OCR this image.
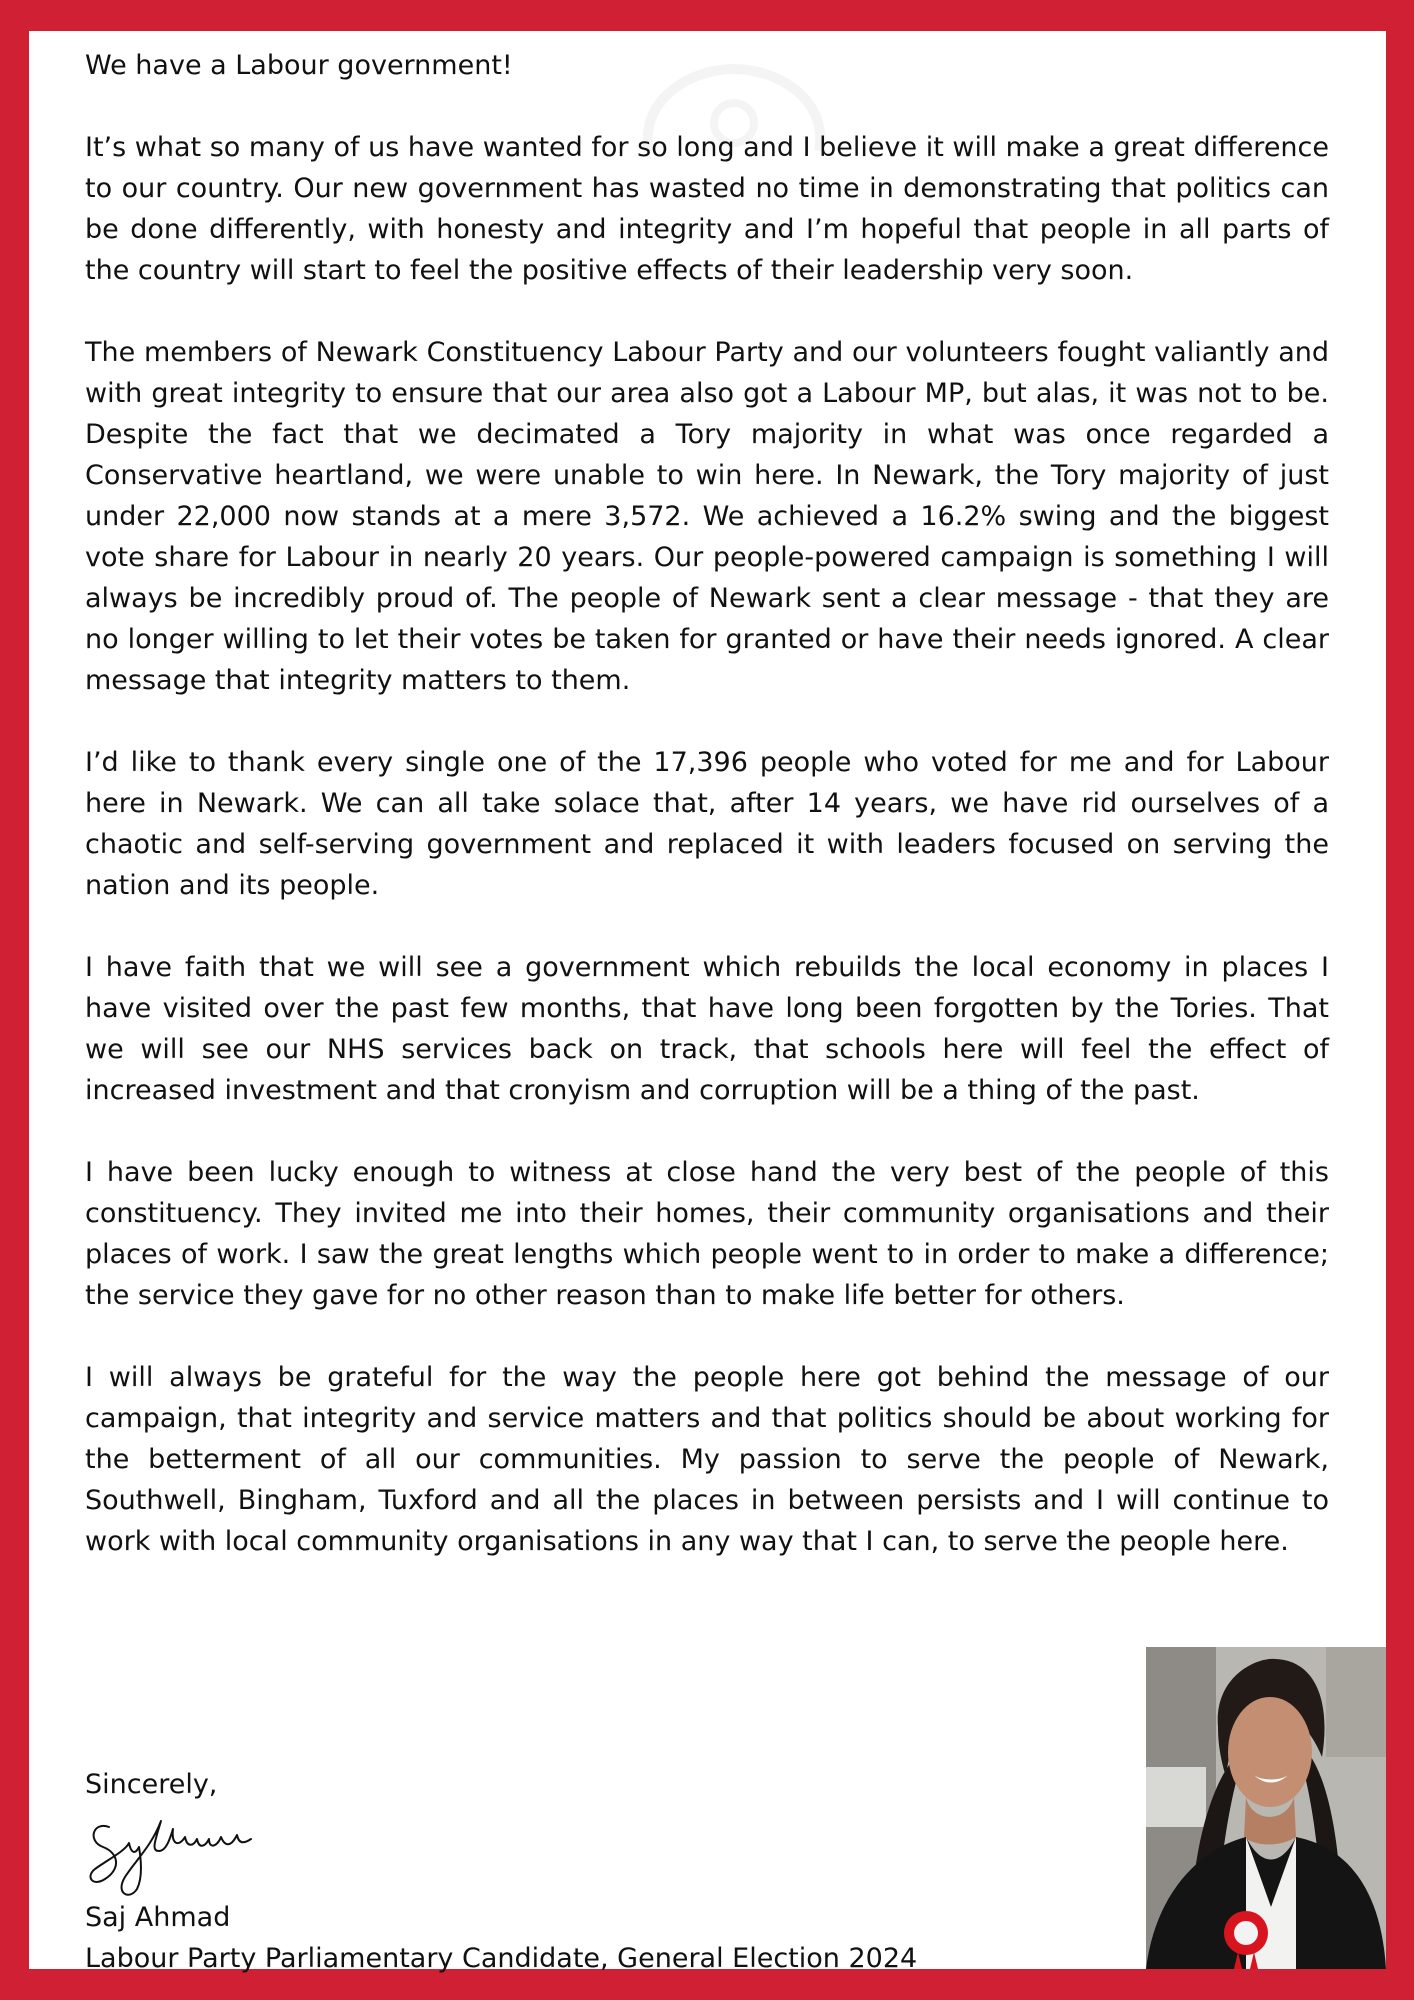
We have a Labour government!

It’s what so many of us have wanted for so long and I believe it will make a great difference to our country. Our new government has wasted no time in demonstrating that politics can be done differently, with honesty and integrity and I’m hopeful that people in all parts of the country will start to feel the positive effects of their leadership very soon.

The members of Newark Constituency Labour Party and our volunteers fought valiantly and with great integrity to ensure that our area also got a Labour MP, but alas, it was not to be. Despite the fact that we decimated a Tory majority in what was once regarded a Conservative heartland, we were unable to win here. In Newark, the Tory majority of just under 22,000 now stands at a mere 3,572. We achieved a 16.2% swing and the biggest vote share for Labour in nearly 20 years. Our people-powered campaign is something I will always be incredibly proud of. The people of Newark sent a clear message - that they are no longer willing to let their votes be taken for granted or have their needs ignored. A clear message that integrity matters to them.

I’d like to thank every single one of the 17,396 people who voted for me and for Labour here in Newark. We can all take solace that, after 14 years, we have rid ourselves of a chaotic and self-serving government and replaced it with leaders focused on serving the nation and its people.

I have faith that we will see a government which rebuilds the local economy in places I have visited over the past few months, that have long been forgotten by the Tories. That we will see our NHS services back on track, that schools here will feel the effect of increased investment and that cronyism and corruption will be a thing of the past.

I have been lucky enough to witness at close hand the very best of the people of this constituency. They invited me into their homes, their community organisations and their places of work. I saw the great lengths which people went to in order to make a difference; the service they gave for no other reason than to make life better for others.

I will always be grateful for the way the people here got behind the message of our campaign, that integrity and service matters and that politics should be about working for the betterment of all our communities. My passion to serve the people of Newark, Southwell, Bingham, Tuxford and all the places in between persists and I will continue to work with local community organisations in any way that I can, to serve the people here.

Sincerely,
Saj Ahmad
Labour Party Parliamentary Candidate, General Election 2024
